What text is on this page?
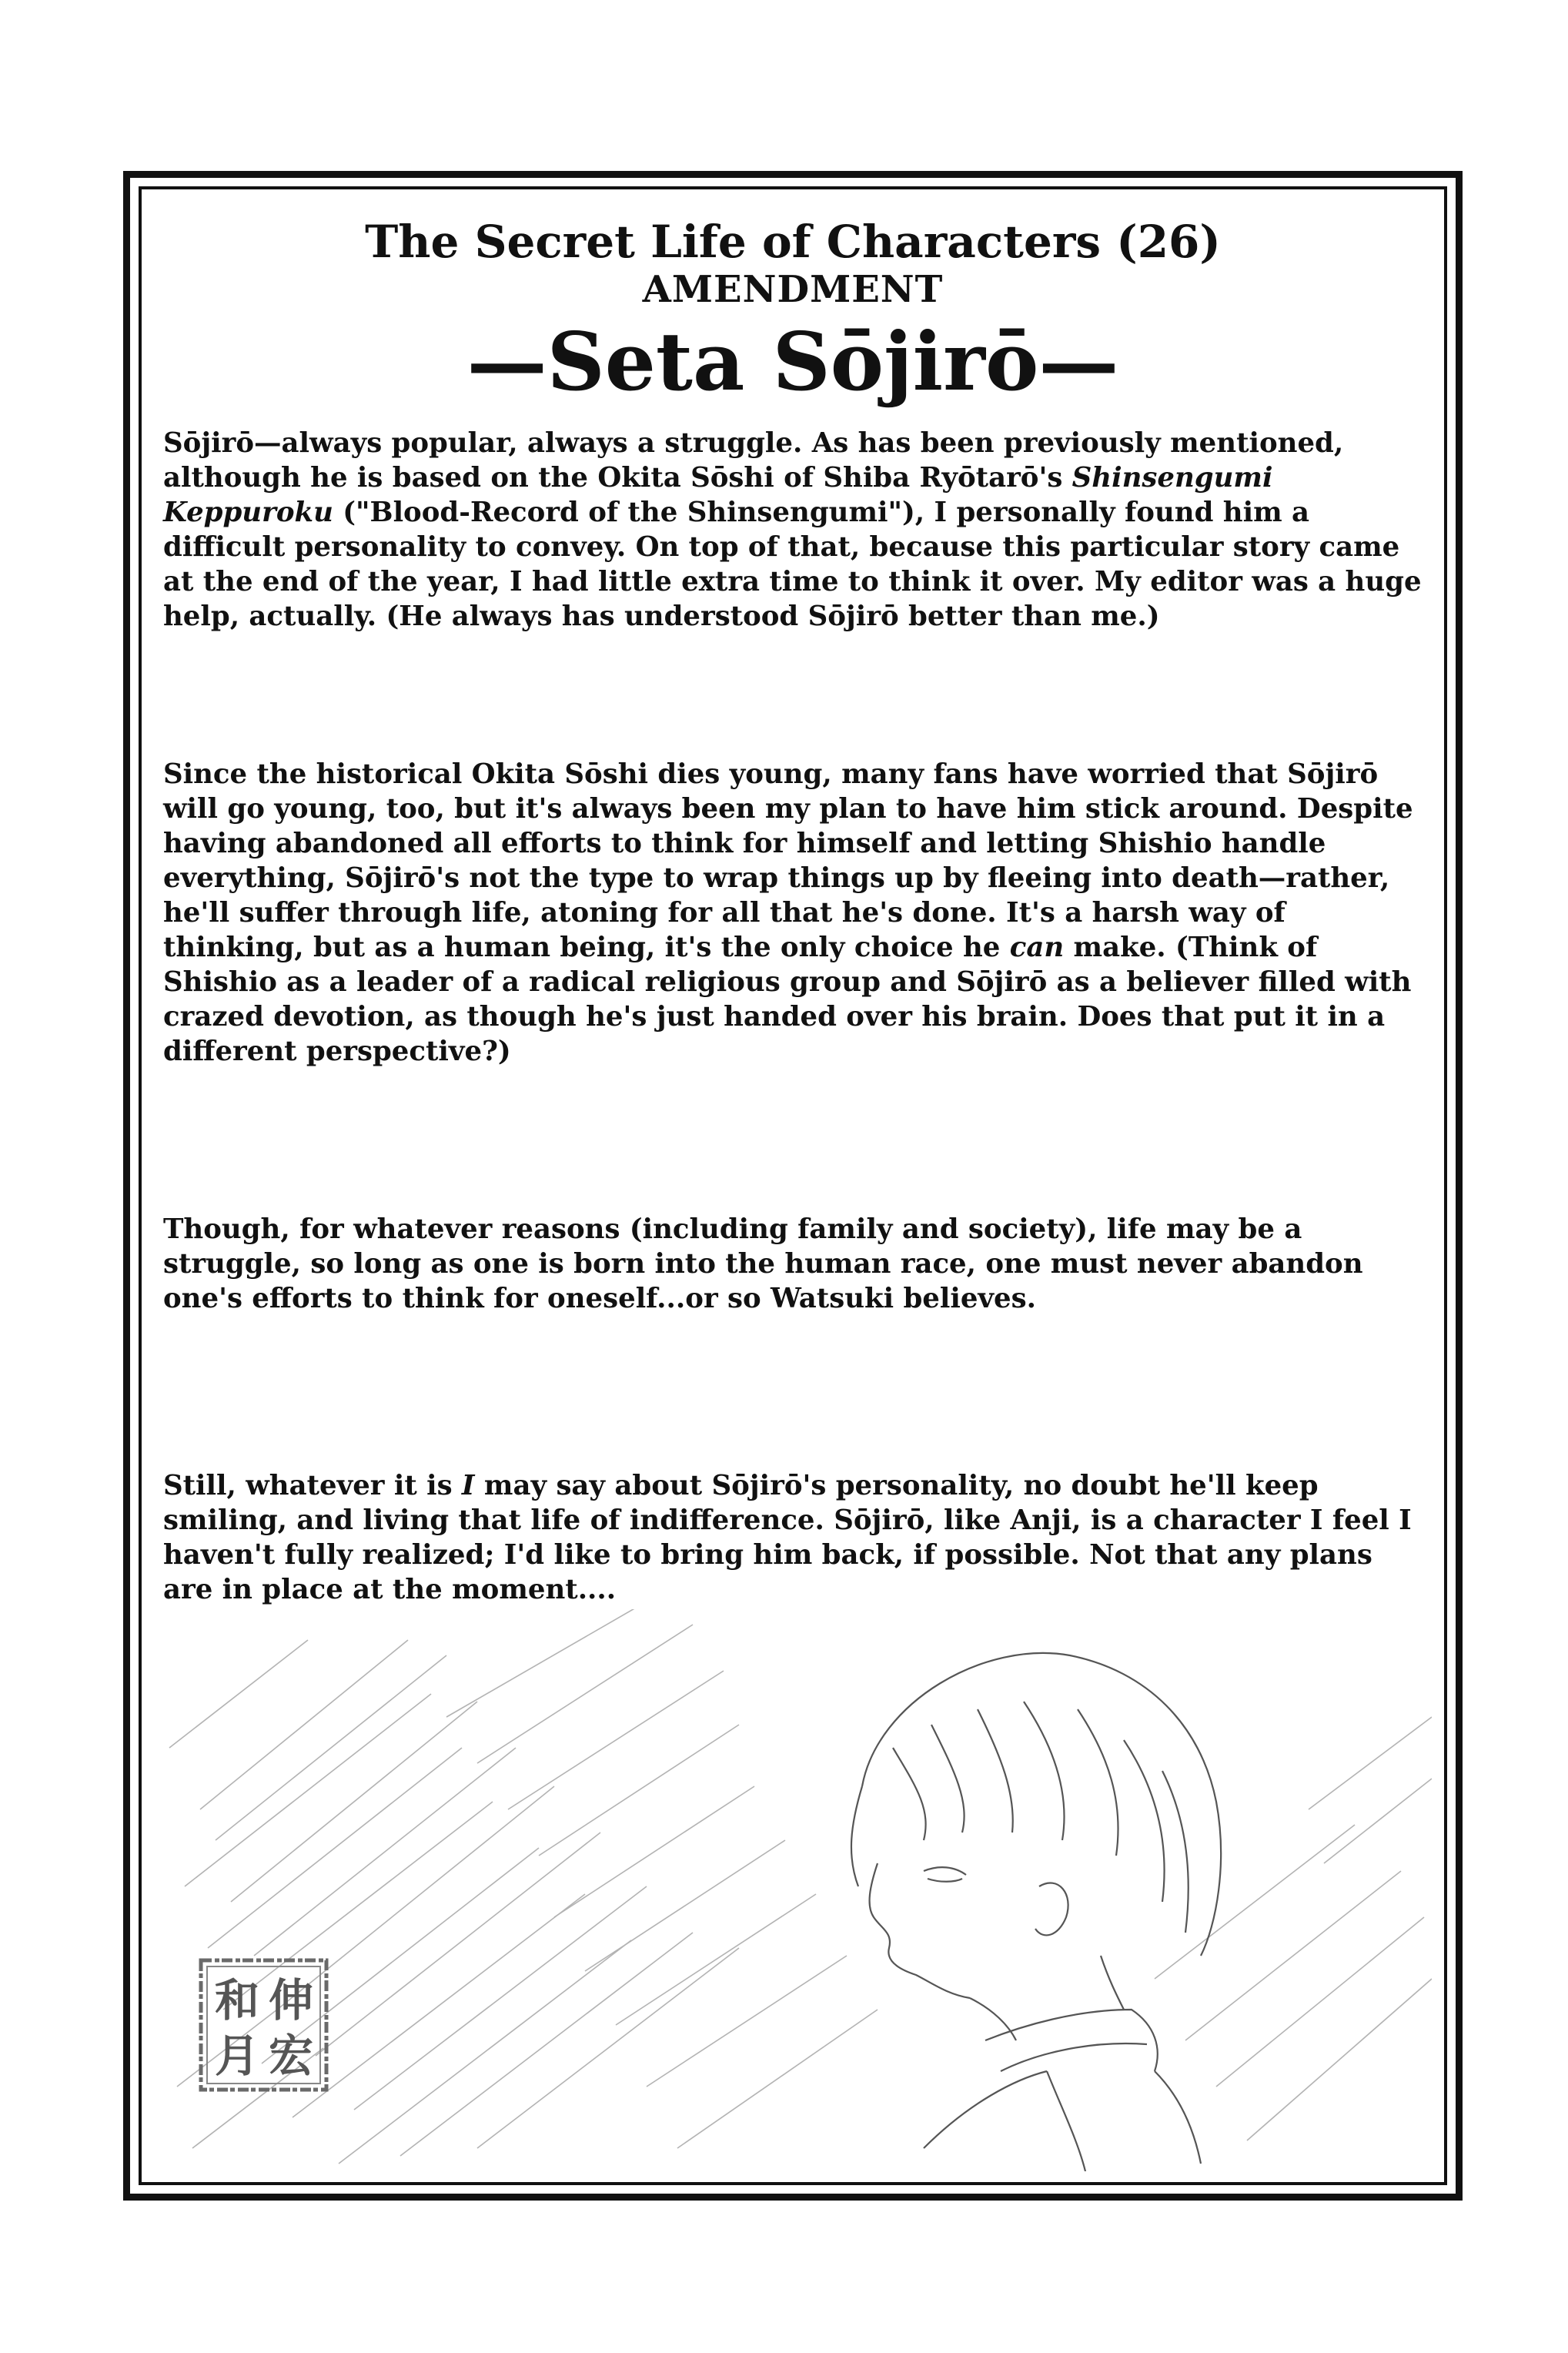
The Secret Life of Characters (26)
AMENDMENT
—Seta Sōjirō—

Sōjirō—always popular, always a struggle. As has been previously mentioned, although he is based on the Okita Sōshi of Shiba Ryōtarō's Shinsengumi Keppuroku ("Blood-Record of the Shinsengumi"), I personally found him a difficult personality to convey. On top of that, because this particular story came at the end of the year, I had little extra time to think it over. My editor was a huge help, actually. (He always has understood Sōjirō better than me.)

Since the historical Okita Sōshi dies young, many fans have worried that Sōjirō will go young, too, but it's always been my plan to have him stick around. Despite having abandoned all efforts to think for himself and letting Shishio handle everything, Sōjirō's not the type to wrap things up by fleeing into death—rather, he'll suffer through life, atoning for all that he's done. It's a harsh way of thinking, but as a human being, it's the only choice he can make. (Think of Shishio as a leader of a radical religious group and Sōjirō as a believer filled with crazed devotion, as though he's just handed over his brain. Does that put it in a different perspective?)

Though, for whatever reasons (including family and society), life may be a struggle, so long as one is born into the human race, one must never abandon one's efforts to think for oneself...or so Watsuki believes.

Still, whatever it is I may say about Sōjirō's personality, no doubt he'll keep smiling, and living that life of indifference. Sōjirō, like Anji, is a character I feel I haven't fully realized; I'd like to bring him back, if possible. Not that any plans are in place at the moment....

伸
和
宏
月
